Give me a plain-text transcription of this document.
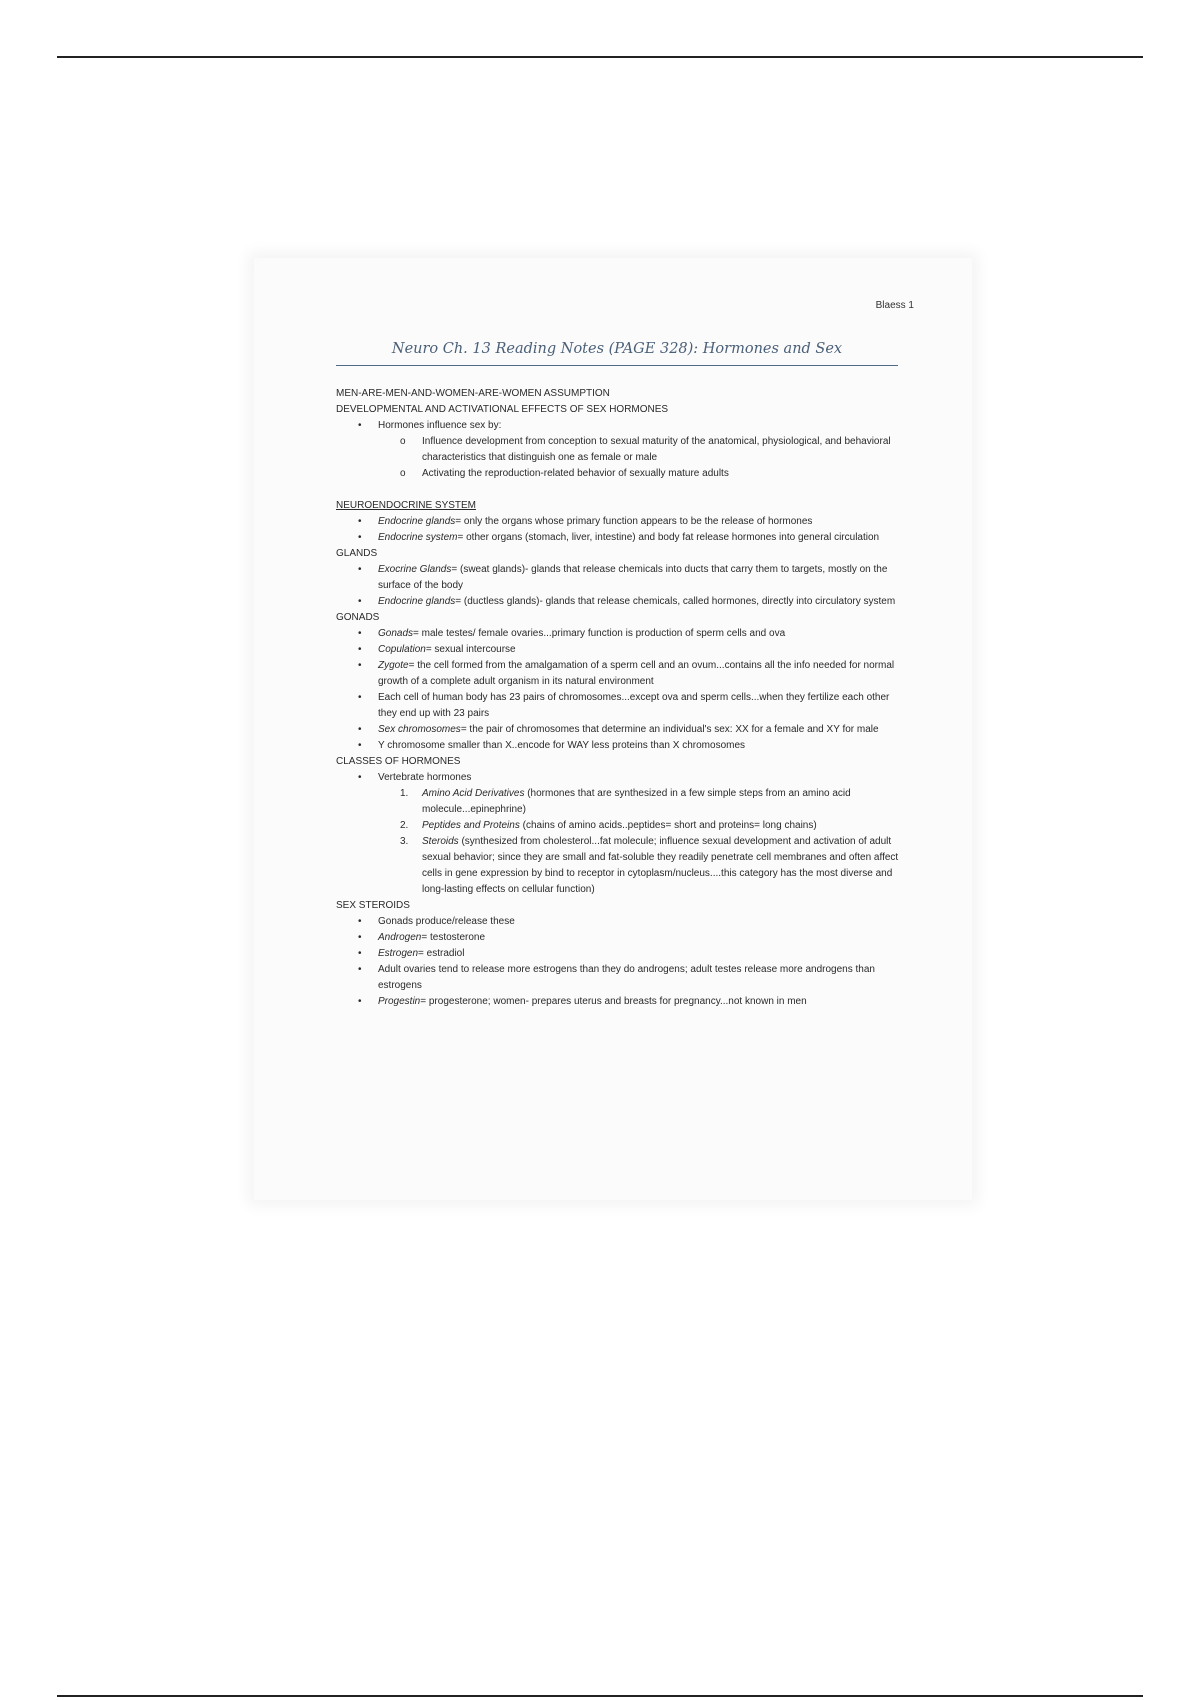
Blaess 1
Neuro Ch. 13 Reading Notes (PAGE 328): Hormones and Sex

MEN-ARE-MEN-AND-WOMEN-ARE-WOMEN ASSUMPTION

DEVELOPMENTAL AND ACTIVATIONAL EFFECTS OF SEX HORMONES

• Hormones influence sex by:
o Influence development from conception to sexual maturity of the anatomical, physiological, and behavioral characteristics that distinguish one as female or male
o Activating the reproduction-related behavior of sexually mature adults

NEUROENDOCRINE SYSTEM

• Endocrine glands= only the organs whose primary function appears to be the release of hormones
• Endocrine system= other organs (stomach, liver, intestine) and body fat release hormones into general circulation

GLANDS

• Exocrine Glands= (sweat glands)- glands that release chemicals into ducts that carry them to targets, mostly on the surface of the body
• Endocrine glands= (ductless glands)- glands that release chemicals, called hormones, directly into circulatory system

GONADS

• Gonads= male testes/ female ovaries...primary function is production of sperm cells and ova
• Copulation= sexual intercourse
• Zygote= the cell formed from the amalgamation of a sperm cell and an ovum...contains all the info needed for normal growth of a complete adult organism in its natural environment
• Each cell of human body has 23 pairs of chromosomes...except ova and sperm cells...when they fertilize each other they end up with 23 pairs
• Sex chromosomes= the pair of chromosomes that determine an individual's sex: XX for a female and XY for male
• Y chromosome smaller than X..encode for WAY less proteins than X chromosomes

CLASSES OF HORMONES

• Vertebrate hormones
1. Amino Acid Derivatives (hormones that are synthesized in a few simple steps from an amino acid molecule...epinephrine)
2. Peptides and Proteins (chains of amino acids..peptides= short and proteins= long chains)
3. Steroids (synthesized from cholesterol...fat molecule; influence sexual development and activation of adult sexual behavior; since they are small and fat-soluble they readily penetrate cell membranes and often affect cells in gene expression by bind to receptor in cytoplasm/nucleus....this category has the most diverse and long-lasting effects on cellular function)

SEX STEROIDS

• Gonads produce/release these
• Androgen= testosterone
• Estrogen= estradiol
• Adult ovaries tend to release more estrogens than they do androgens; adult testes release more androgens than estrogens
• Progestin= progesterone; women- prepares uterus and breasts for pregnancy...not known in men
